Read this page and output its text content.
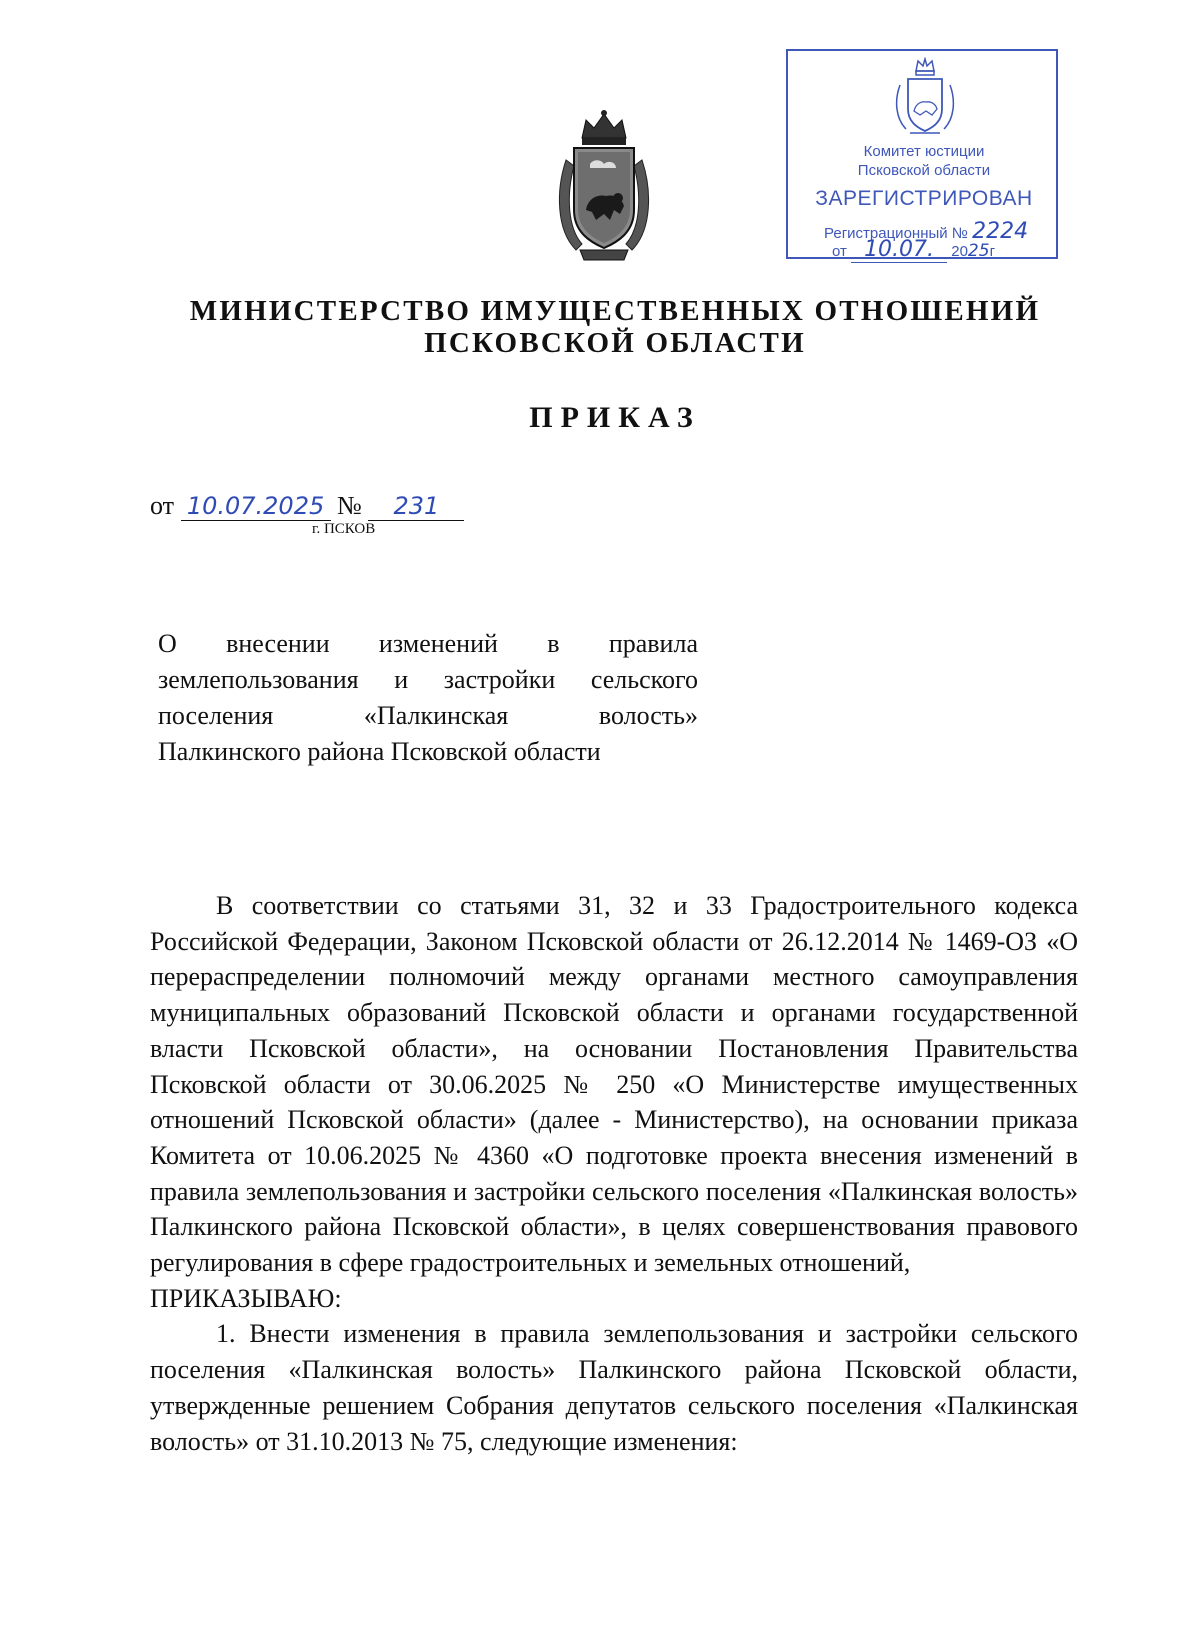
Комитет юстиции
Псковской области
ЗАРЕГИСТРИРОВАН
Регистрационный № 2224
от 10.07. 2025г
МИНИСТЕРСТВО ИМУЩЕСТВЕННЫХ ОТНОШЕНИЙ
ПСКОВСКОЙ ОБЛАСТИ
ПРИКАЗ
от 10.07.2025 № 231
г. ПСКОВ
О внесении изменений в правила
землепользования и застройки сельского
поселения «Палкинская волость»
Палкинского района Псковской области

В соответствии со статьями 31, 32 и 33 Градостроительного кодекса Российской Федерации, Законом Псковской области от 26.12.2014 № 1469-ОЗ «О перераспределении полномочий между органами местного самоуправления муниципальных образований Псковской области и органами государственной власти Псковской области», на основании Постановления Правительства Псковской области от 30.06.2025 № 250 «О Министерстве имущественных отношений Псковской области» (далее - Министерство), на основании приказа Комитета от 10.06.2025 № 4360 «О подготовке проекта внесения изменений в правила землепользования и застройки сельского поселения «Палкинская волость» Палкинского района Псковской области», в целях совершенствования правового регулирования в сфере градостроительных и земельных отношений,

ПРИКАЗЫВАЮ:

1. Внести изменения в правила землепользования и застройки сельского поселения «Палкинская волость» Палкинского района Псковской области, утвержденные решением Собрания депутатов сельского поселения «Палкинская волость» от 31.10.2013 № 75, следующие изменения:
